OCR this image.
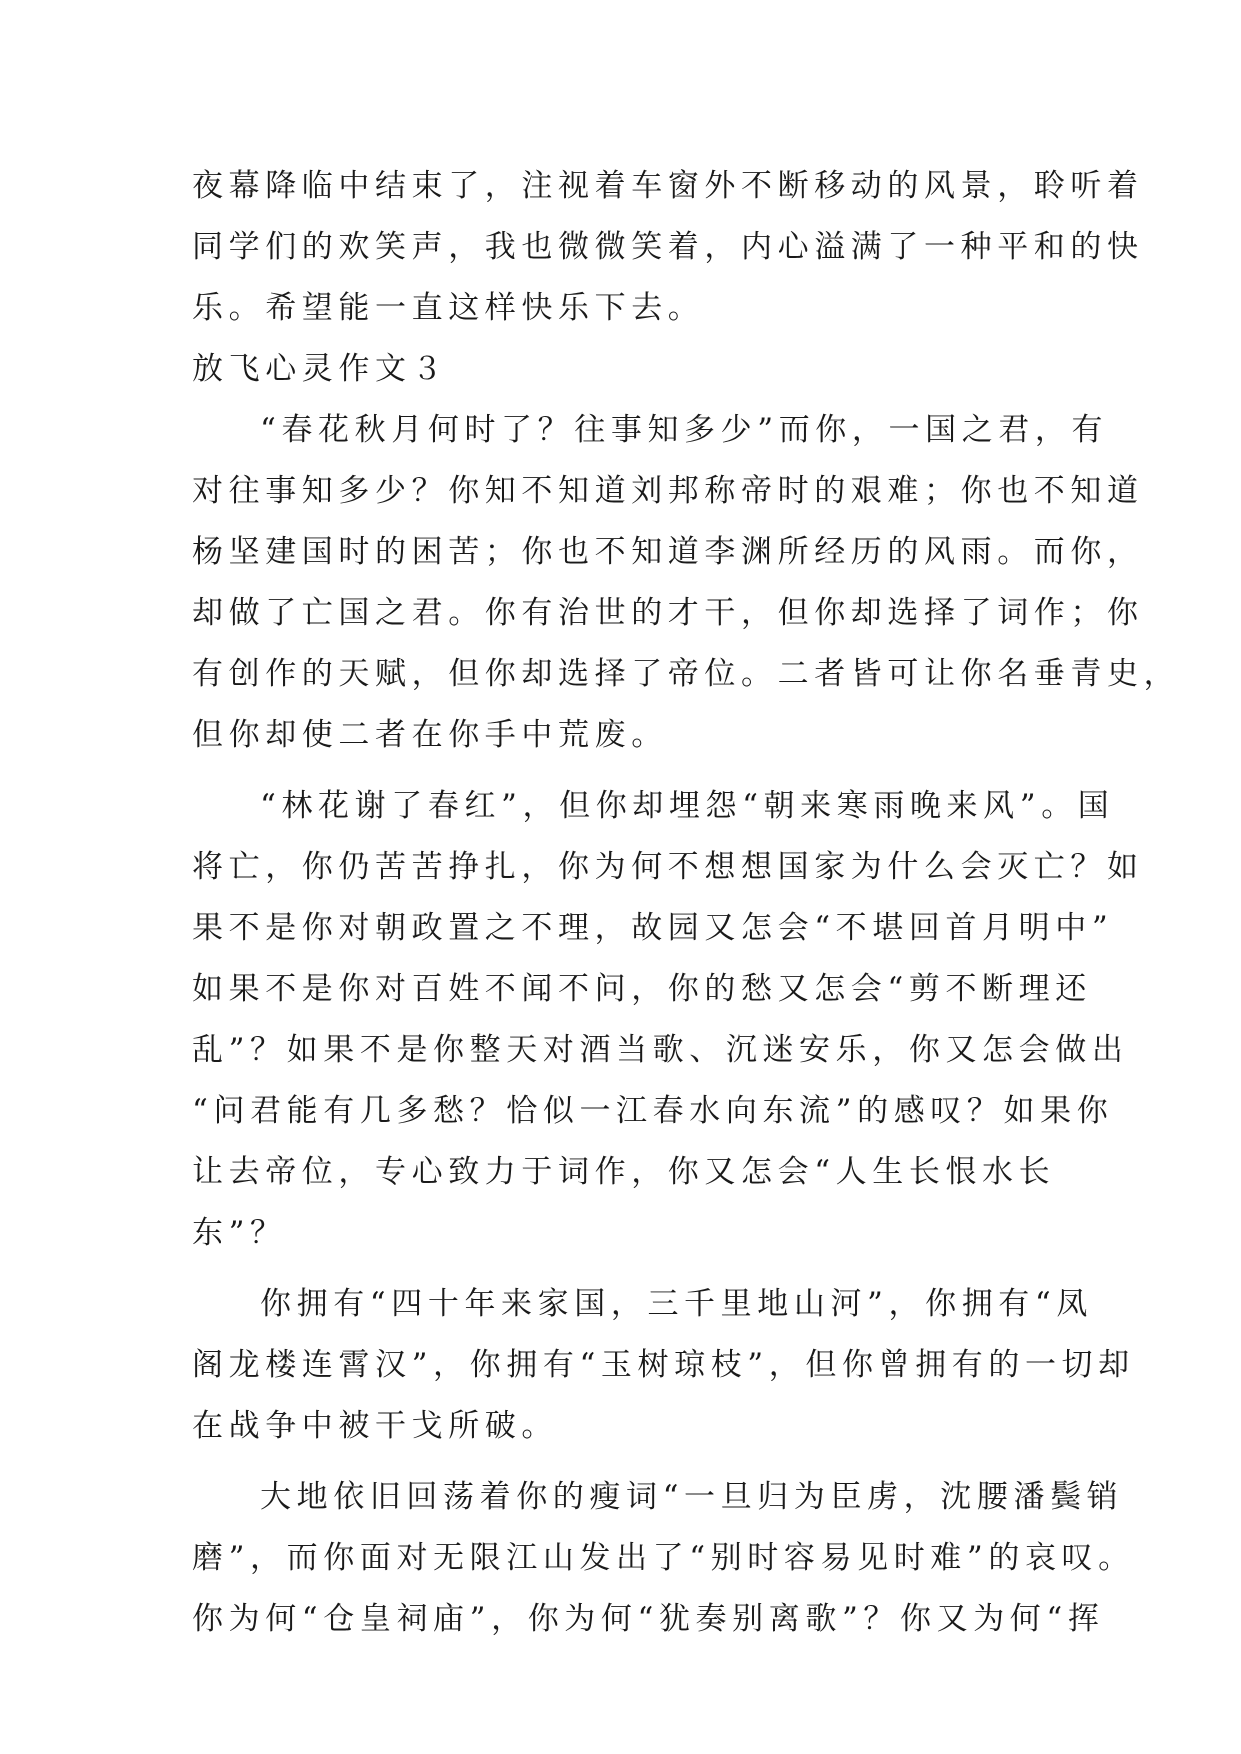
夜幕降临中结束了，注视着车窗外不断移动的风景，聆听着
同学们的欢笑声，我也微微笑着，内心溢满了一种平和的快
乐。希望能一直这样快乐下去。
放飞心灵作文３
“春花秋月何时了？往事知多少”而你，一国之君，有
对往事知多少？你知不知道刘邦称帝时的艰难；你也不知道
杨坚建国时的困苦；你也不知道李渊所经历的风雨。而你，
却做了亡国之君。你有治世的才干，但你却选择了词作；你
有创作的天赋，但你却选择了帝位。二者皆可让你名垂青史，
但你却使二者在你手中荒废。
“林花谢了春红”，但你却埋怨“朝来寒雨晚来风”。国
将亡，你仍苦苦挣扎，你为何不想想国家为什么会灭亡？如
果不是你对朝政置之不理，故园又怎会“不堪回首月明中”
如果不是你对百姓不闻不问，你的愁又怎会“剪不断理还
乱”？如果不是你整天对酒当歌、沉迷安乐，你又怎会做出
“问君能有几多愁？恰似一江春水向东流”的感叹？如果你
让去帝位，专心致力于词作，你又怎会“人生长恨水长
东”？
你拥有“四十年来家国，三千里地山河”，你拥有“凤
阁龙楼连霄汉”，你拥有“玉树琼枝”，但你曾拥有的一切却
在战争中被干戈所破。
大地依旧回荡着你的瘦词“一旦归为臣虏，沈腰潘鬓销
磨”，而你面对无限江山发出了“别时容易见时难”的哀叹。
你为何“仓皇祠庙”，你为何“犹奏别离歌”？你又为何“挥
